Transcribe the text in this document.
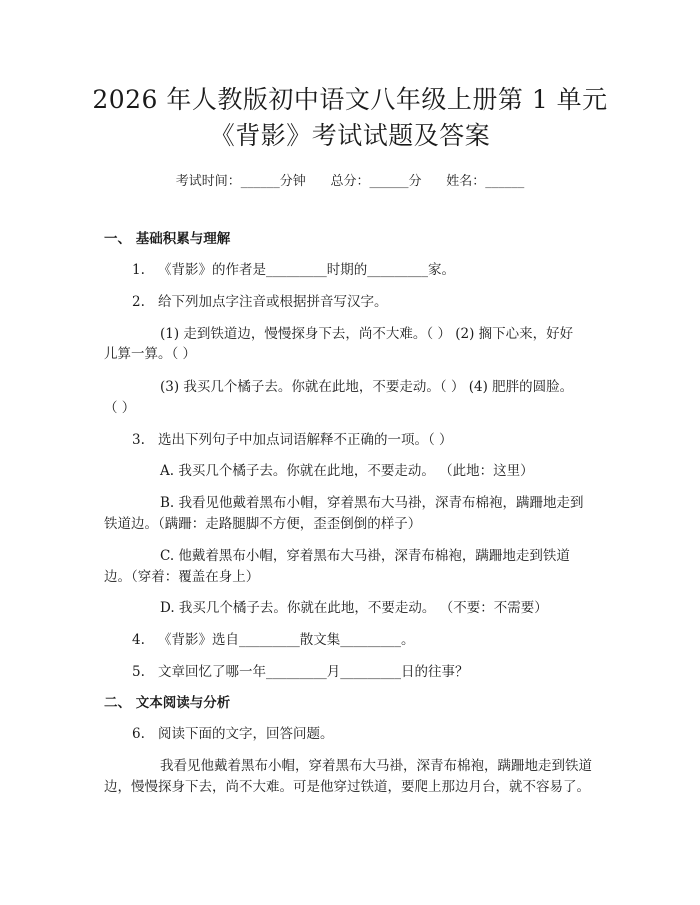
2026 年人教版初中语文八年级上册第 1 单元
《背影》考试试题及答案
考试时间：______分钟      总分：______分      姓名：______
一、 基础积累与理解
1. 《背影》的作者是_________时期的_________家。
2. 给下列加点字注音或根据拼音写汉字。
(1) 走到铁道边，慢慢探身下去，尚不大难。（ ） (2) 搁下心来，好好
儿算一算。（ ）
(3) 我买几个橘子去。你就在此地，不要走动。（ ） (4) 肥胖的圆脸。
（ ）
3. 选出下列句子中加点词语解释不正确的一项。（ ）
A. 我买几个橘子去。你就在此地，不要走动。 （此地：这里）
B. 我看见他戴着黑布小帽，穿着黑布大马褂，深青布棉袍，蹒跚地走到
铁道边。（蹒跚：走路腿脚不方便，歪歪倒倒的样子）
C. 他戴着黑布小帽，穿着黑布大马褂，深青布棉袍，蹒跚地走到铁道
边。（穿着：覆盖在身上）
D. 我买几个橘子去。你就在此地，不要走动。 （不要：不需要）
4. 《背影》选自_________散文集_________。
5. 文章回忆了哪一年_________月_________日的往事？
二、 文本阅读与分析
6. 阅读下面的文字，回答问题。
我看见他戴着黑布小帽，穿着黑布大马褂，深青布棉袍，蹒跚地走到铁道
边，慢慢探身下去，尚不大难。可是他穿过铁道，要爬上那边月台，就不容易了。
